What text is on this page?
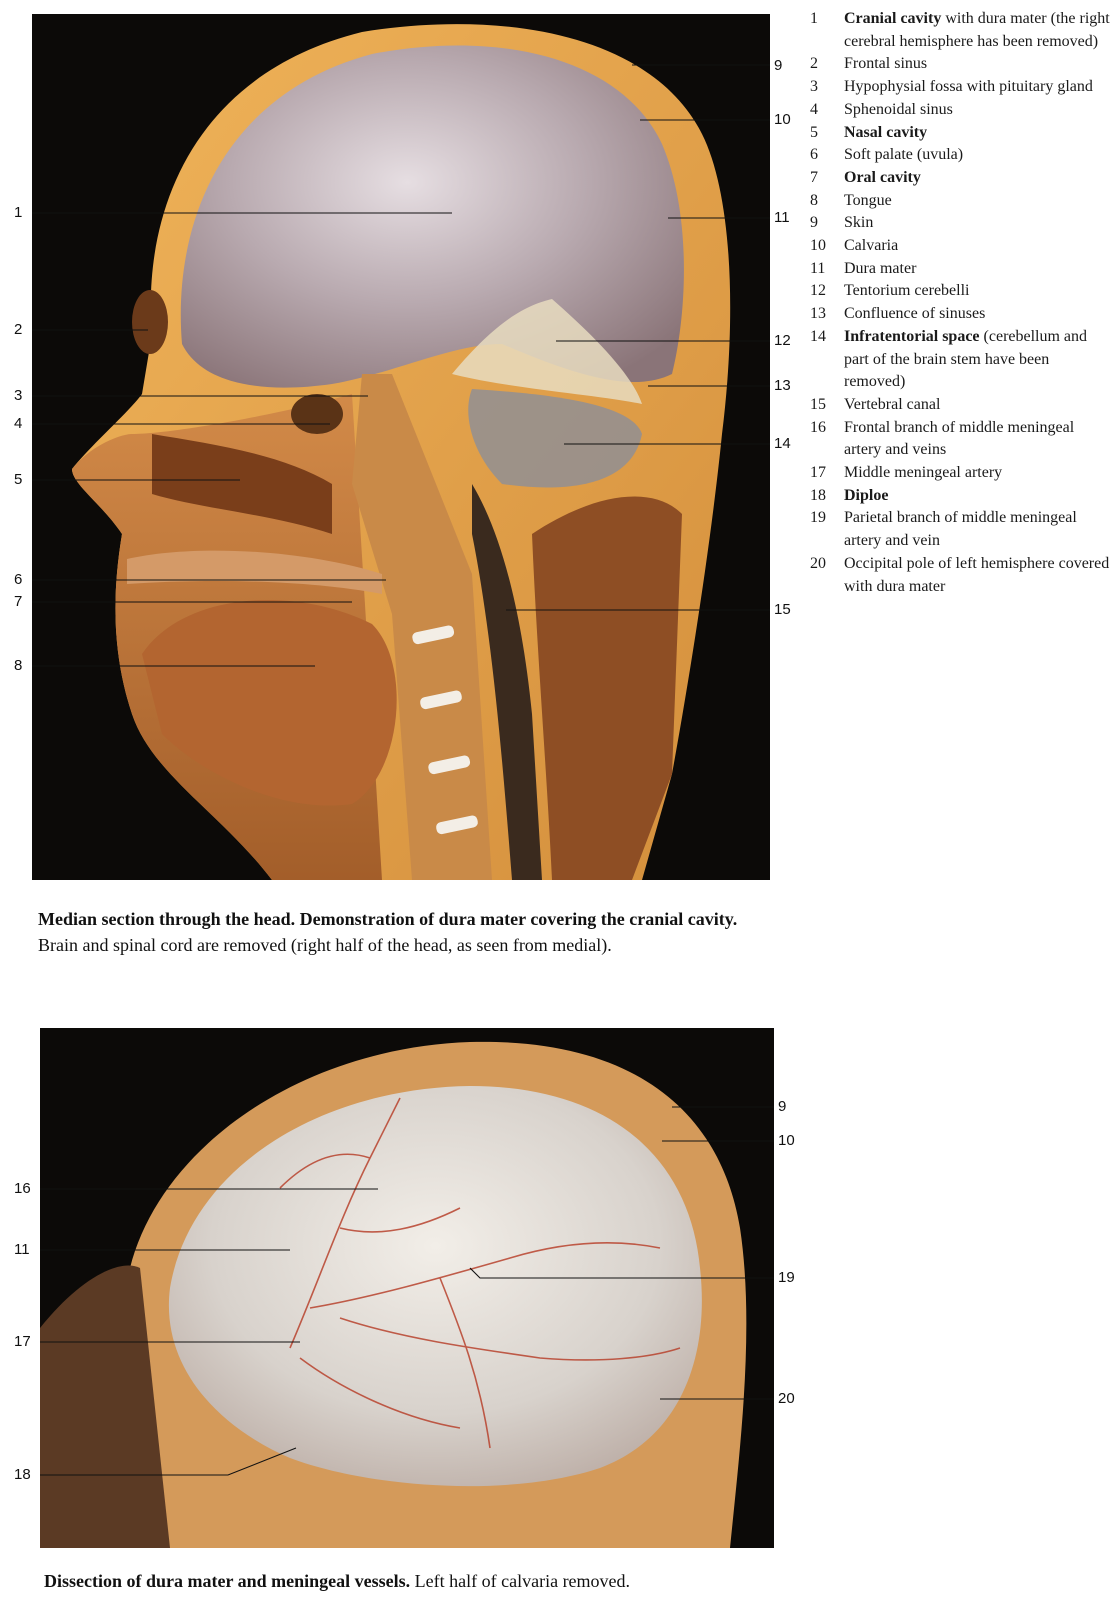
1
2
3
4
5
6
7
8
9
10
11
12
13
14
15
16
11
17
18
9
10
19
20
1	Cranial cavity with dura mater (the right cerebral hemisphere has been removed)
2	Frontal sinus
3	Hypophysial fossa with pituitary gland
4	Sphenoidal sinus
5	Nasal cavity
6	Soft palate (uvula)
7	Oral cavity
8	Tongue
9	Skin
10	Calvaria
11	Dura mater
12	Tentorium cerebelli
13	Confluence of sinuses
14	Infratentorial space (cerebellum and part of the brain stem have been removed)
15	Vertebral canal
16	Frontal branch of middle meningeal artery and veins
17	Middle meningeal artery
18	Diploe
19	Parietal branch of middle meningeal artery and vein
20	Occipital pole of left hemisphere covered with dura mater
Median section through the head. Demonstration of dura mater covering the cranial cavity. Brain and spinal cord are removed (right half of the head, as seen from medial).
Dissection of dura mater and meningeal vessels. Left half of calvaria removed.
